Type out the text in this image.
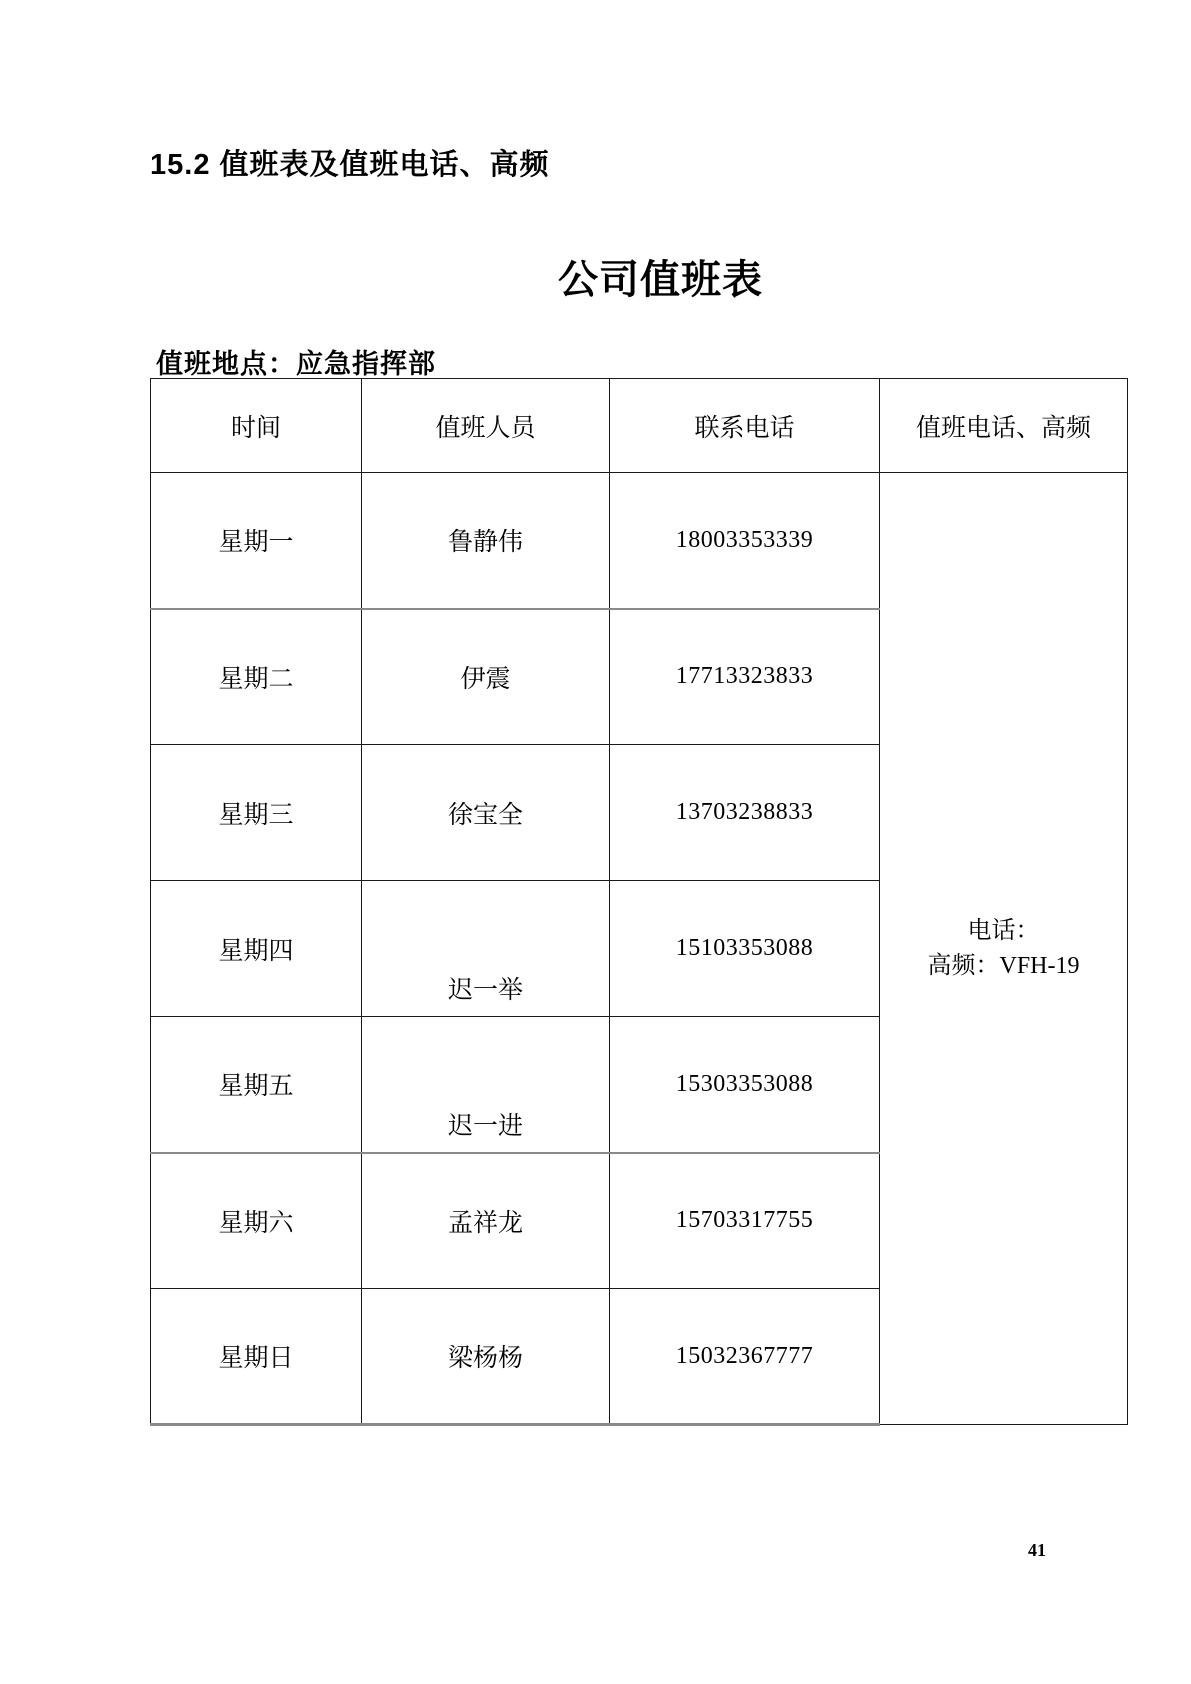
15.2 值班表及值班电话、高频
公司值班表
值班地点：应急指挥部
时间	值班人员	联系电话	值班电话、高频
星期一	鲁静伟	18003353339	电话：
高频：VFH-19

星期二	伊震	17713323833	
星期三	徐宝全	13703238833	
星期四	迟一举	15103353088	
星期五	迟一进	15303353088	
星期六	孟祥龙	15703317755	
星期日	梁杨杨	15032367777	
41
